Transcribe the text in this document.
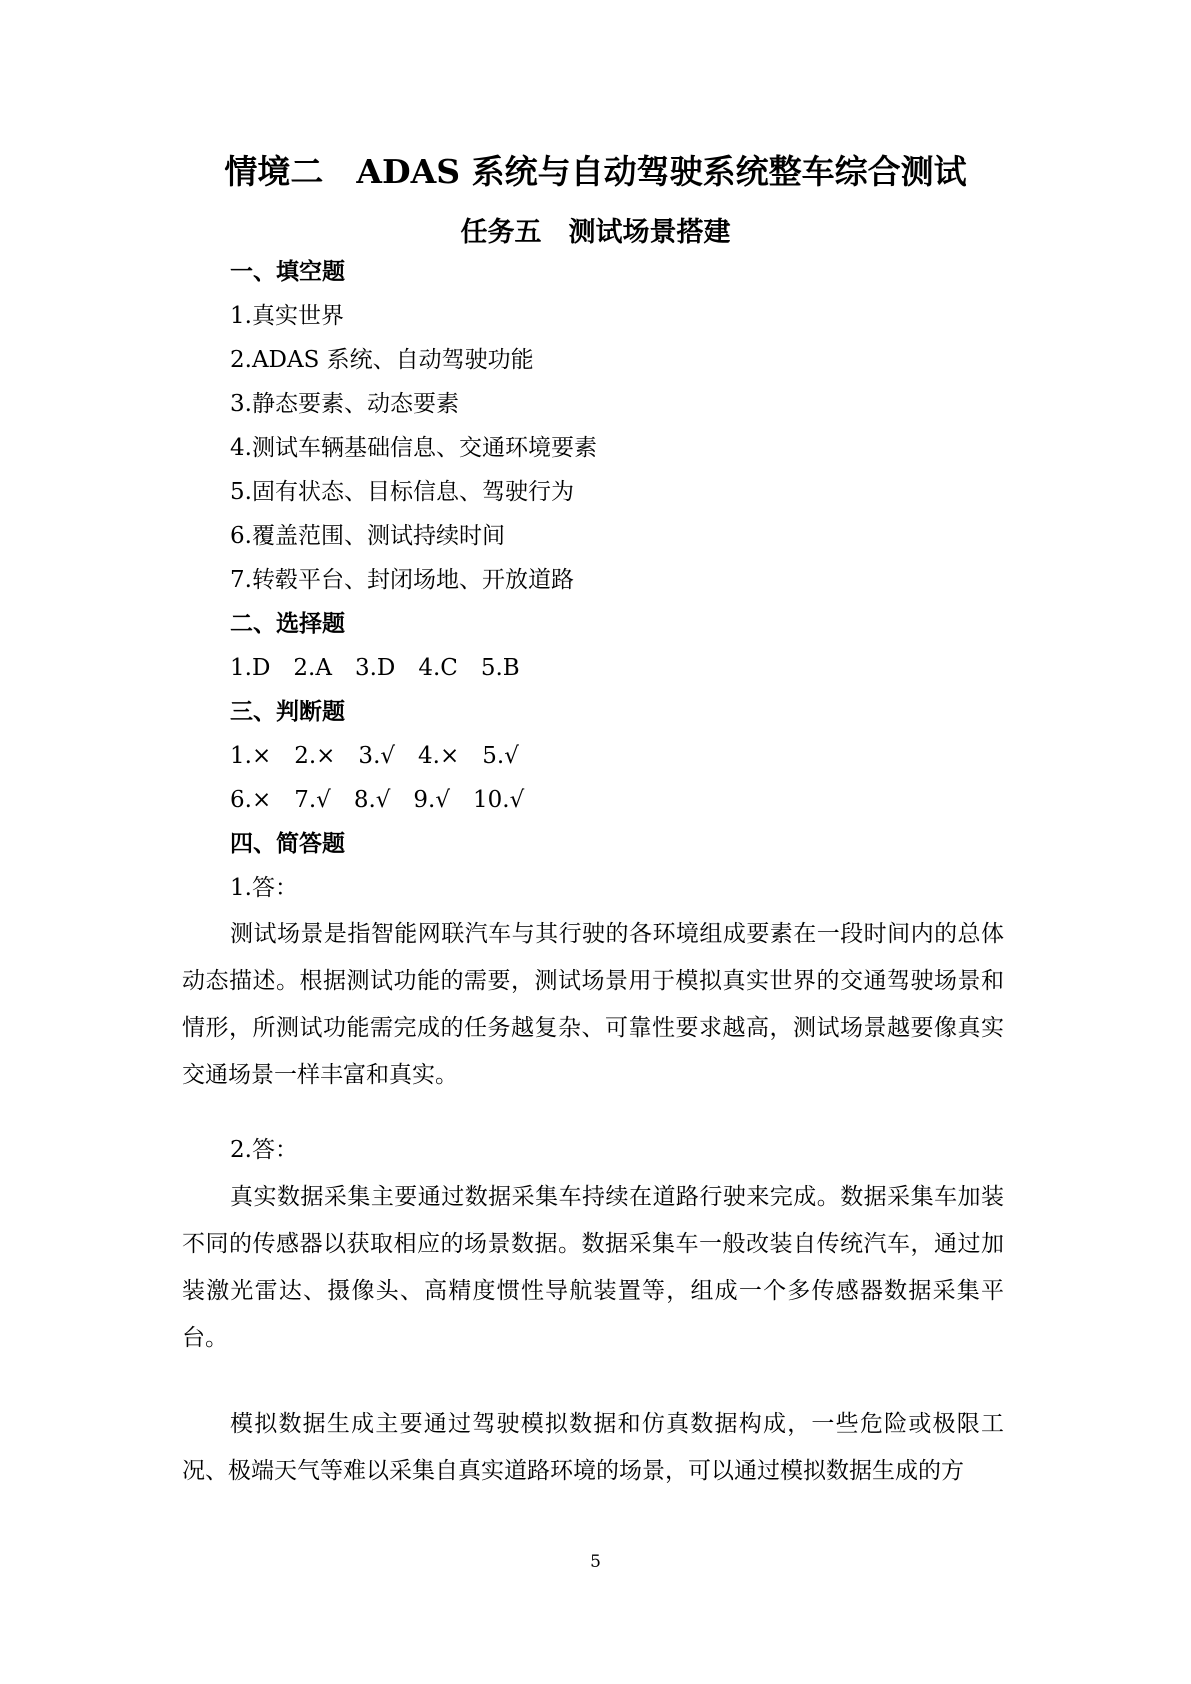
情境二　ADAS 系统与自动驾驶系统整车综合测试
任务五　测试场景搭建
一、填空题
1.真实世界
2.ADAS 系统、自动驾驶功能
3.静态要素、动态要素
4.测试车辆基础信息、交通环境要素
5.固有状态、目标信息、驾驶行为
6.覆盖范围、测试持续时间
7.转毂平台、封闭场地、开放道路
二、选择题
1.D　2.A　3.D　4.C　5.B
三、判断题
1.×　2.×　3.√　4.×　5.√
6.×　7.√　8.√　9.√　10.√
四、简答题
1.答：
测试场景是指智能网联汽车与其行驶的各环境组成要素在一段时间内的总体动态描述。根据测试功能的需要，测试场景用于模拟真实世界的交通驾驶场景和情形，所测试功能需完成的任务越复杂、可靠性要求越高，测试场景越要像真实交通场景一样丰富和真实。
2.答：
真实数据采集主要通过数据采集车持续在道路行驶来完成。数据采集车加装不同的传感器以获取相应的场景数据。数据采集车一般改装自传统汽车，通过加装激光雷达、摄像头、高精度惯性导航装置等，组成一个多传感器数据采集平台。
模拟数据生成主要通过驾驶模拟数据和仿真数据构成，一些危险或极限工况、极端天气等难以采集自真实道路环境的场景，可以通过模拟数据生成的方
5
